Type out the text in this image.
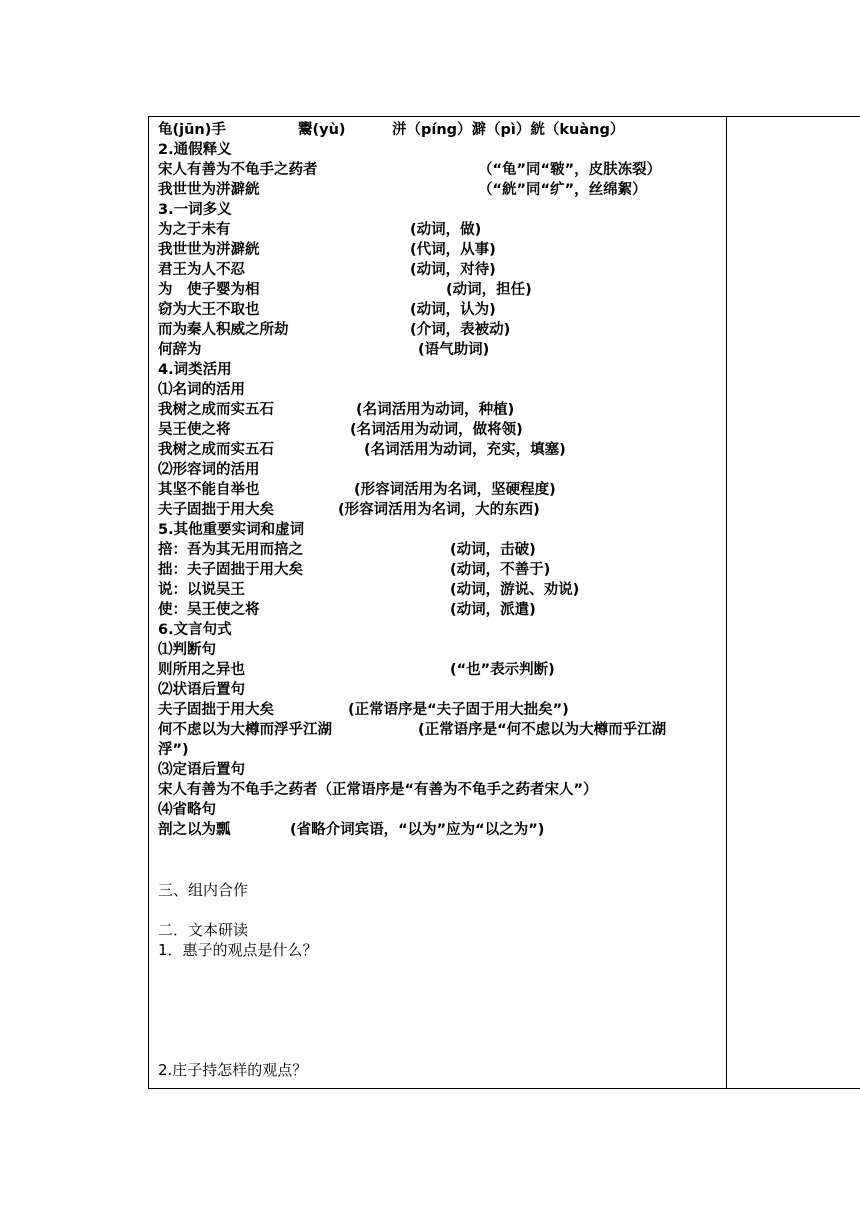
龟(jūn)手	鬻(yù)	洴（píng）澼（pì）絖（kuàng）
2.通假释义
宋人有善为不龟手之药者	（“龟”同“皲”，皮肤冻裂）
我世世为洴澼絖	（“絖”同“纩”，丝绵絮）
3.一词多义
为之于未有	(动词，做)
我世世为洴澼絖	(代词，从事)
君王为人不忍	(动词，对待)
为　使子婴为相	(动词，担任)
窃为大王不取也	(动词，认为)
而为秦人积威之所劫	(介词，表被动)
何辞为	(语气助词)
4.词类活用
⑴名词的活用
我树之成而实五石	(名词活用为动词，种植)
吴王使之将	(名词活用为动词，做将领)
我树之成而实五石	(名词活用为动词，充实，填塞)
⑵形容词的活用
其坚不能自举也	(形容词活用为名词，坚硬程度)
夫子固拙于用大矣	(形容词活用为名词，大的东西)
5.其他重要实词和虚词
掊：吾为其无用而掊之	(动词，击破)
拙：夫子固拙于用大矣	(动词，不善于)
说：以说吴王	(动词，游说、劝说)
使：吴王使之将	(动词，派遣)
6.文言句式
⑴判断句
则所用之异也	(“也”表示判断)
⑵状语后置句
夫子固拙于用大矣	(正常语序是“夫子固于用大拙矣”)
何不虑以为大樽而浮乎江湖	(正常语序是“何不虑以为大樽而乎江湖
浮”)
⑶定语后置句
宋人有善为不龟手之药者（正常语序是“有善为不龟手之药者宋人”）
⑷省略句
剖之以为瓢	(省略介词宾语，“以为”应为“以之为”)
三、组内合作
二．文本研读
1．惠子的观点是什么？
2.庄子持怎样的观点？
